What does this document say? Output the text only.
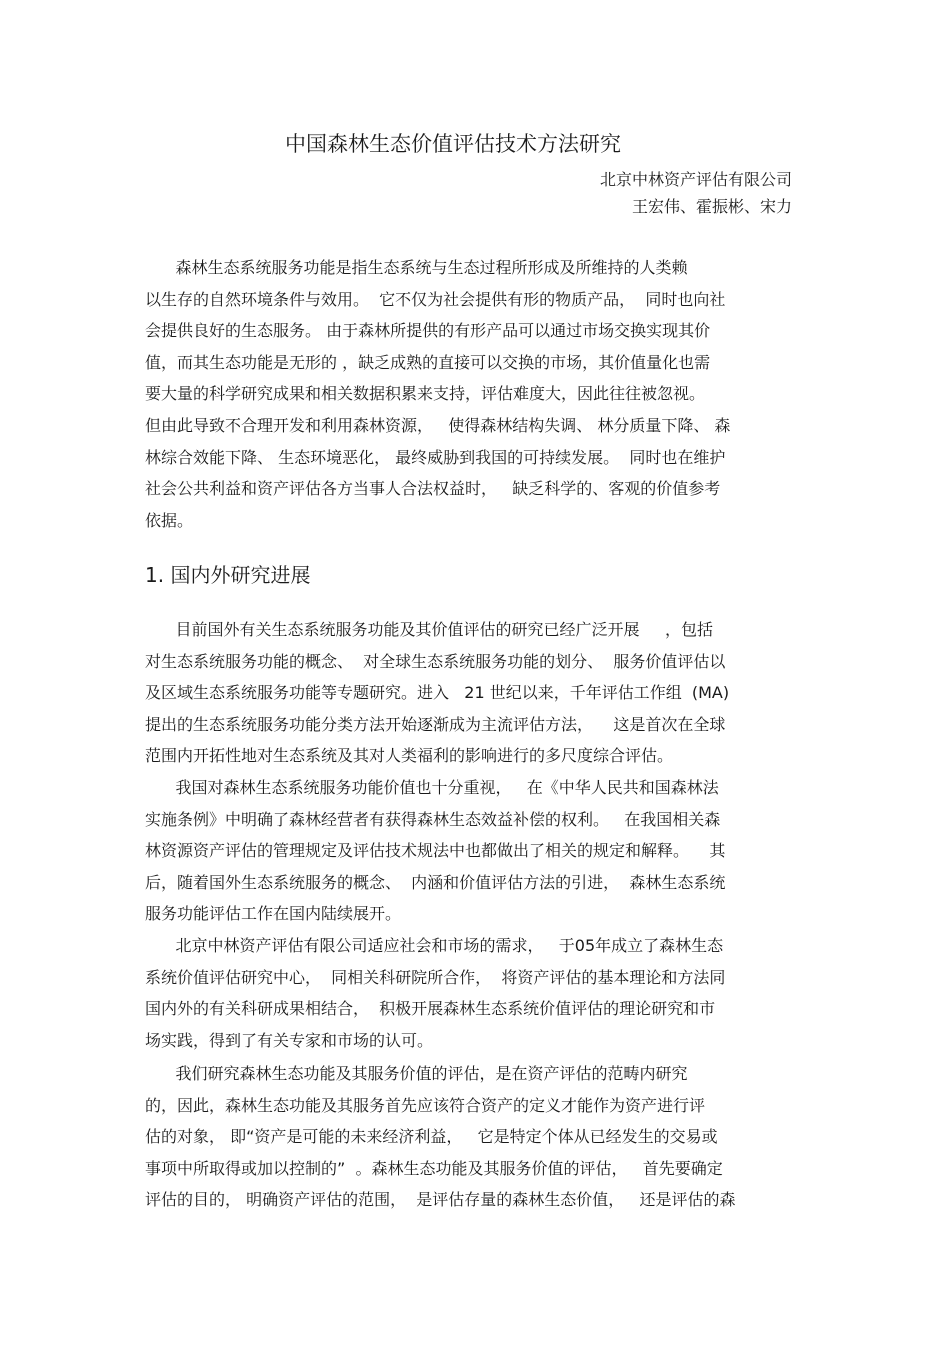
中国森林生态价值评估技术方法研究

北京中林资产评估有限公司

王宏伟、霍振彬、宋力

森林生态系统服务功能是指生态系统与生态过程所形成及所维持的人类赖
以生存的自然环境条件与效用。  它不仅为社会提供有形的物质产品，  同时也向社
会提供良好的生态服务。 由于森林所提供的有形产品可以通过市场交换实现其价
值，而其生态功能是无形的 ，缺乏成熟的直接可以交换的市场，其价值量化也需
要大量的科学研究成果和相关数据积累来支持，评估难度大，因此往往被忽视。
但由此导致不合理开发和利用森林资源，   使得森林结构失调、 林分质量下降、 森
林综合效能下降、 生态环境恶化， 最终威胁到我国的可持续发展。  同时也在维护
社会公共利益和资产评估各方当事人合法权益时，   缺乏科学的、客观的价值参考
依据。
1. 国内外研究进展
目前国外有关生态系统服务功能及其价值评估的研究已经广泛开展     ，包括
对生态系统服务功能的概念、  对全球生态系统服务功能的划分、  服务价值评估以
及区域生态系统服务功能等专题研究。进入   21 世纪以来，千年评估工作组  (MA)
提出的生态系统服务功能分类方法开始逐渐成为主流评估方法，    这是首次在全球
范围内开拓性地对生态系统及其对人类福利的影响进行的多尺度综合评估。
我国对森林生态系统服务功能价值也十分重视，   在《中华人民共和国森林法
实施条例》中明确了森林经营者有获得森林生态效益补偿的权利。   在我国相关森
林资源资产评估的管理规定及评估技术规法中也都做出了相关的规定和解释。    其
后，随着国外生态系统服务的概念、  内涵和价值评估方法的引进，  森林生态系统
服务功能评估工作在国内陆续展开。
北京中林资产评估有限公司适应社会和市场的需求，   于05年成立了森林生态
系统价值评估研究中心，  同相关科研院所合作，  将资产评估的基本理论和方法同
国内外的有关科研成果相结合，  积极开展森林生态系统价值评估的理论研究和市
场实践，得到了有关专家和市场的认可。
我们研究森林生态功能及其服务价值的评估，是在资产评估的范畴内研究
的，因此，森林生态功能及其服务首先应该符合资产的定义才能作为资产进行评
估的对象， 即“资产是可能的未来经济利益，   它是特定个体从已经发生的交易或
事项中所取得或加以控制的”  。森林生态功能及其服务价值的评估，   首先要确定
评估的目的， 明确资产评估的范围，  是评估存量的森林生态价值，   还是评估的森
